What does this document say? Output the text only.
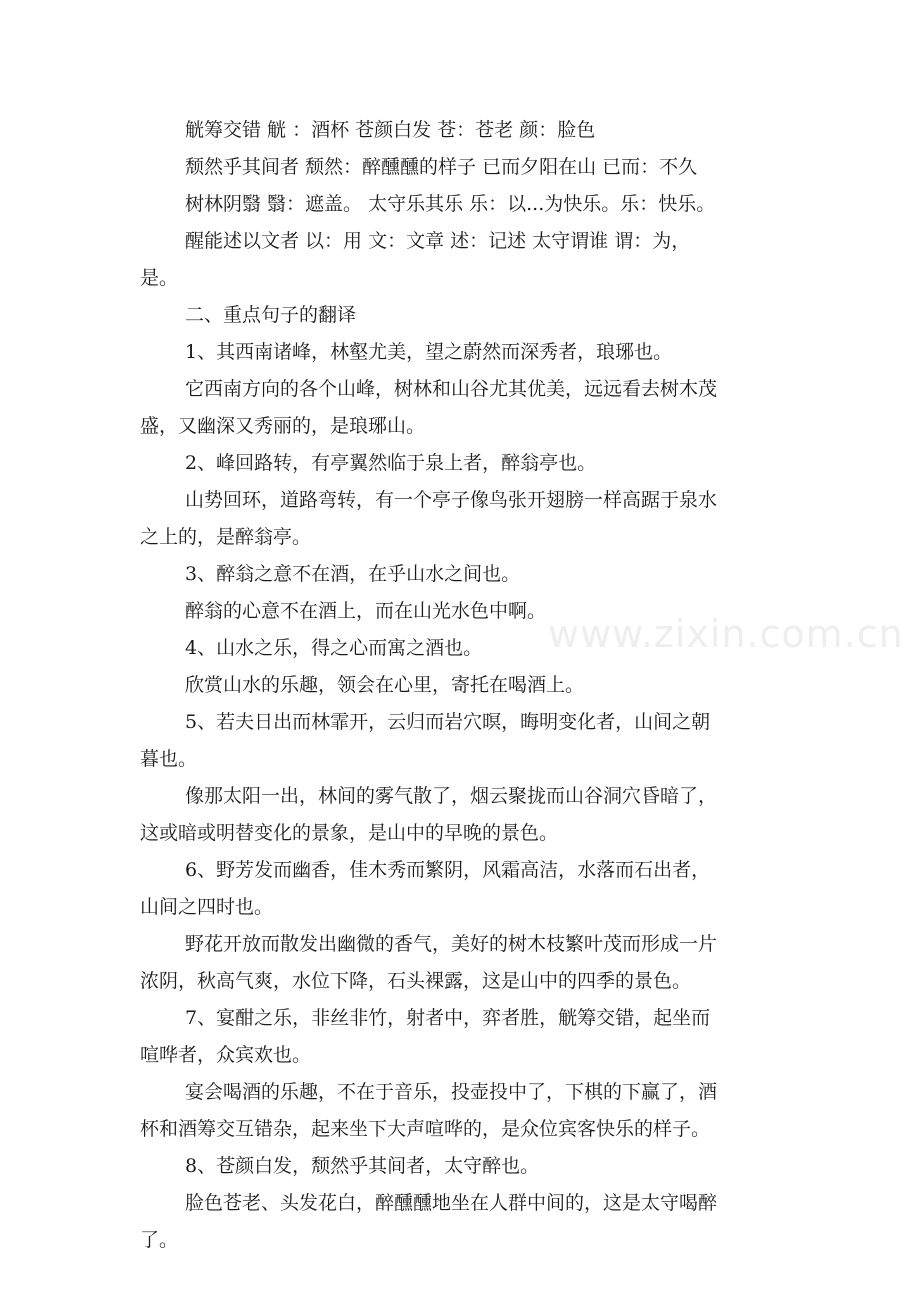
www.zixin.com.cn
觥筹交错 觥 ：酒杯 苍颜白发 苍：苍老 颜：脸色
颓然乎其间者 颓然：醉醺醺的样子 已而夕阳在山 已而：不久
树林阴翳 翳：遮盖。 太守乐其乐 乐：以...为快乐。乐：快乐。
醒能述以文者 以：用 文：文章 述：记述 太守谓谁 谓：为，
是。
二、重点句子的翻译
1、其西南诸峰，林壑尤美，望之蔚然而深秀者，琅琊也。
它西南方向的各个山峰，树林和山谷尤其优美，远远看去树木茂
盛，又幽深又秀丽的，是琅琊山。
2、峰回路转，有亭翼然临于泉上者，醉翁亭也。
山势回环，道路弯转，有一个亭子像鸟张开翅膀一样高踞于泉水
之上的，是醉翁亭。
3、醉翁之意不在酒，在乎山水之间也。
醉翁的心意不在酒上，而在山光水色中啊。
4、山水之乐，得之心而寓之酒也。
欣赏山水的乐趣，领会在心里，寄托在喝酒上。
5、若夫日出而林霏开，云归而岩穴暝，晦明变化者，山间之朝
暮也。
像那太阳一出，林间的雾气散了，烟云聚拢而山谷洞穴昏暗了，
这或暗或明替变化的景象，是山中的早晚的景色。
6、野芳发而幽香，佳木秀而繁阴，风霜高洁，水落而石出者，
山间之四时也。
野花开放而散发出幽微的香气，美好的树木枝繁叶茂而形成一片
浓阴，秋高气爽，水位下降，石头裸露，这是山中的四季的景色。
7、宴酣之乐，非丝非竹，射者中，弈者胜，觥筹交错，起坐而
喧哗者，众宾欢也。
宴会喝酒的乐趣，不在于音乐，投壶投中了，下棋的下赢了，酒
杯和酒筹交互错杂，起来坐下大声喧哗的，是众位宾客快乐的样子。
8、苍颜白发，颓然乎其间者，太守醉也。
脸色苍老、头发花白，醉醺醺地坐在人群中间的，这是太守喝醉
了。
